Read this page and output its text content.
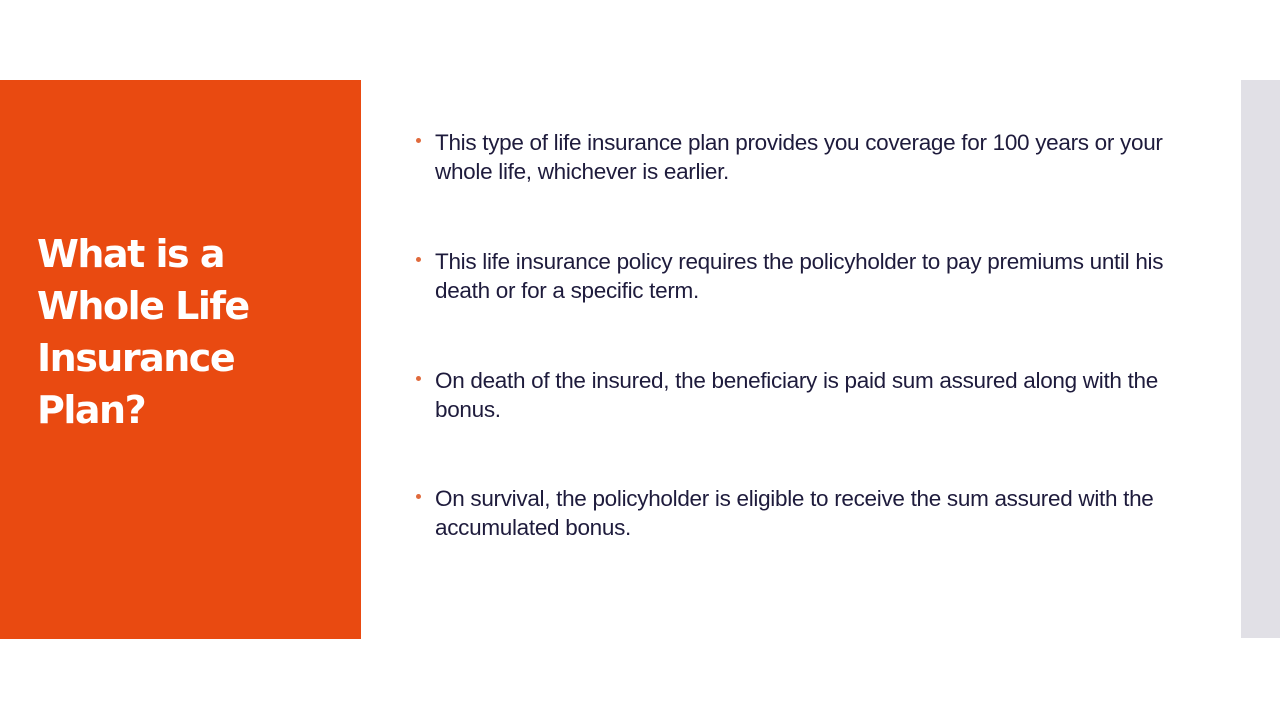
What is a
Whole Life
Insurance
Plan?
This type of life insurance plan provides you coverage for 100 years or your whole life, whichever is earlier.
This life insurance policy requires the policyholder to pay premiums until his death or for a specific term.
On death of the insured, the beneficiary is paid sum assured along with the bonus.
On survival, the policyholder is eligible to receive the sum assured with the accumulated bonus.
